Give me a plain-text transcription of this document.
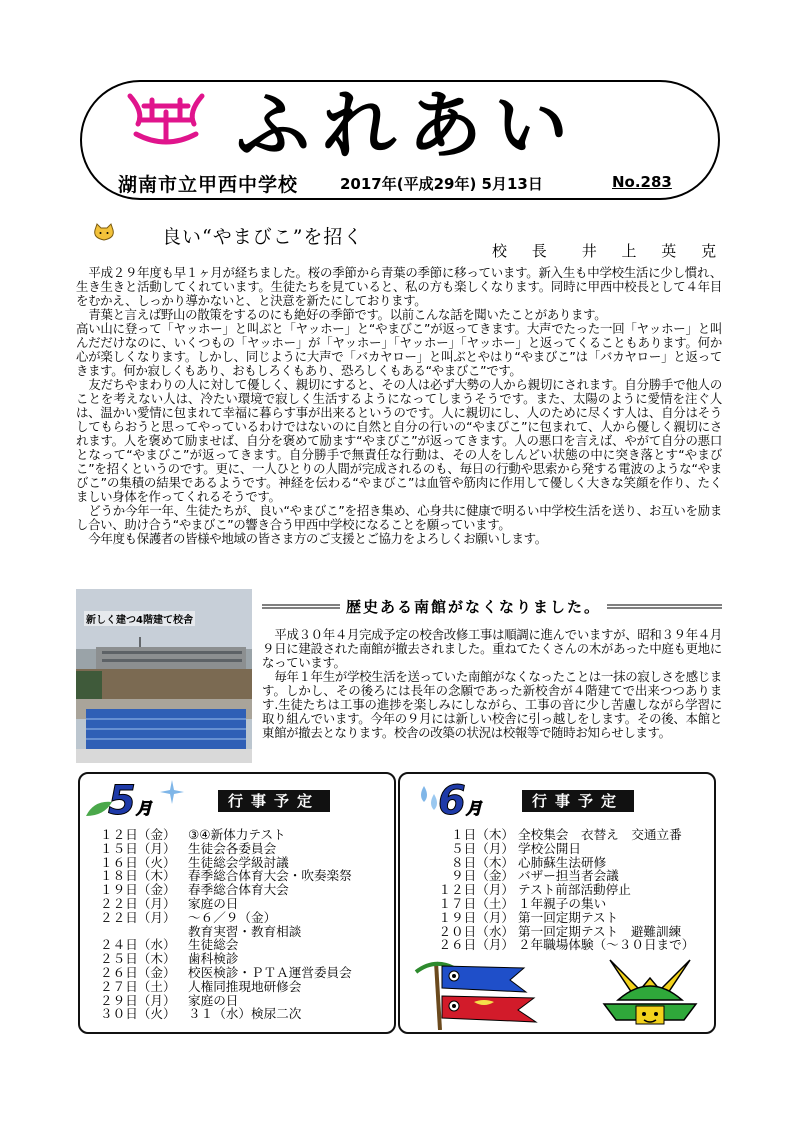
ふれあい
湖南市立甲西中学校	2017年(平成29年) 5月13日	No.283
良い“やまびこ”を招く
校 長　井 上 英 克

平成２９年度も早１ヶ月が経ちました。桜の季節から青葉の季節に移っています。新入生も中学校生活に少し慣れ、生き生きと活動してくれています。生徒たちを見ていると、私の方も楽しくなります。同時に甲西中校長として４年目をむかえ、しっかり導かないと、と決意を新たにしております。

青葉と言えば野山の散策をするのにも絶好の季節です。以前こんな話を聞いたことがあります。

高い山に登って「ヤッホー」と叫ぶと「ヤッホー」と“やまびこ”が返ってきます。大声でたった一回「ヤッホー」と叫んだだけなのに、いくつもの「ヤッホー」が「ヤッホー」「ヤッホー」「ヤッホー」と返ってくることもあります。何か心が楽しくなります。しかし、同じように大声で「バカヤロー」と叫ぶとやはり“やまびこ”は「バカヤロー」と返ってきます。何か寂しくもあり、おもしろくもあり、恐ろしくもある“やまびこ”です。

友だちやまわりの人に対して優しく、親切にすると、その人は必ず大勢の人から親切にされます。自分勝手で他人のことを考えない人は、冷たい環境で寂しく生活するようになってしまうそうです。また、太陽のように愛情を注ぐ人は、温かい愛情に包まれて幸福に暮らす事が出来るというのです。人に親切にし、人のために尽くす人は、自分はそうしてもらおうと思ってやっているわけではないのに自然と自分の行いの“やまびこ”に包まれて、人から優しく親切にされます。人を褒めて励ませば、自分を褒めて励ます“やまびこ”が返ってきます。人の悪口を言えば、やがて自分の悪口となって“やまびこ”が返ってきます。自分勝手で無責任な行動は、その人をしんどい状態の中に突き落とす“やまびこ”を招くというのです。更に、一人ひとりの人間が完成されるのも、毎日の行動や思索から発する電波のような“やまびこ”の集積の結果であるようです。神経を伝わる“やまびこ”は血管や筋肉に作用して優しく大きな笑顔を作り、たくましい身体を作ってくれるそうです。

どうか今年一年、生徒たちが、良い“やまびこ”を招き集め、心身共に健康で明るい中学校生活を送り、お互いを励まし合い、助け合う“やまびこ”の響き合う甲西中学校になることを願っています。

今年度も保護者の皆様や地域の皆さま方のご支援とご協力をよろしくお願いします。

新しく建つ4階建て校舎
歴史ある南館がなくなりました。

平成３０年４月完成予定の校舎改修工事は順調に進んでいますが、昭和３９年４月９日に建設された南館が撤去されました。重ねてたくさんの木があった中庭も更地になっています。

毎年１年生が学校生活を送っていた南館がなくなったことは一抹の寂しさを感じます。しかし、その後ろには長年の念願であった新校舎が４階建てで出来つつあります.生徒たちは工事の進捗を楽しみにしながら、工事の音に少し苦慮しながら学習に取り組んでいます。今年の９月には新しい校舎に引っ越しをします。その後、本館と東館が撤去となります。校舎の改築の状況は校報等で随時お知らせします。

5月	行事予定
１２日（金） ③④新体力テスト
１５日（月） 生徒会各委員会
１６日（火） 生徒総会学級討議
１８日（木） 春季総合体育大会・吹奏楽祭
１９日（金） 春季総合体育大会
２２日（月） 家庭の日
２２日（月） ～６／９（金）
教育実習・教育相談
２４日（水） 生徒総会
２５日（木） 歯科検診
２６日（金） 校医検診・ＰＴＡ運営委員会
２７日（土） 人権同推現地研修会
２９日（月） 家庭の日
３０日（火） ３１（水）検尿二次
6月	行事予定
１日（木） 全校集会　衣替え　交通立番
５日（月） 学校公開日
８日（木） 心肺蘇生法研修
９日（金） バザー担当者会議
１２日（月） テスト前部活動停止
１７日（土） １年親子の集い
１９日（月） 第一回定期テスト
２０日（水） 第一回定期テスト　避難訓練
２６日（月） ２年職場体験（～３０日まで）
